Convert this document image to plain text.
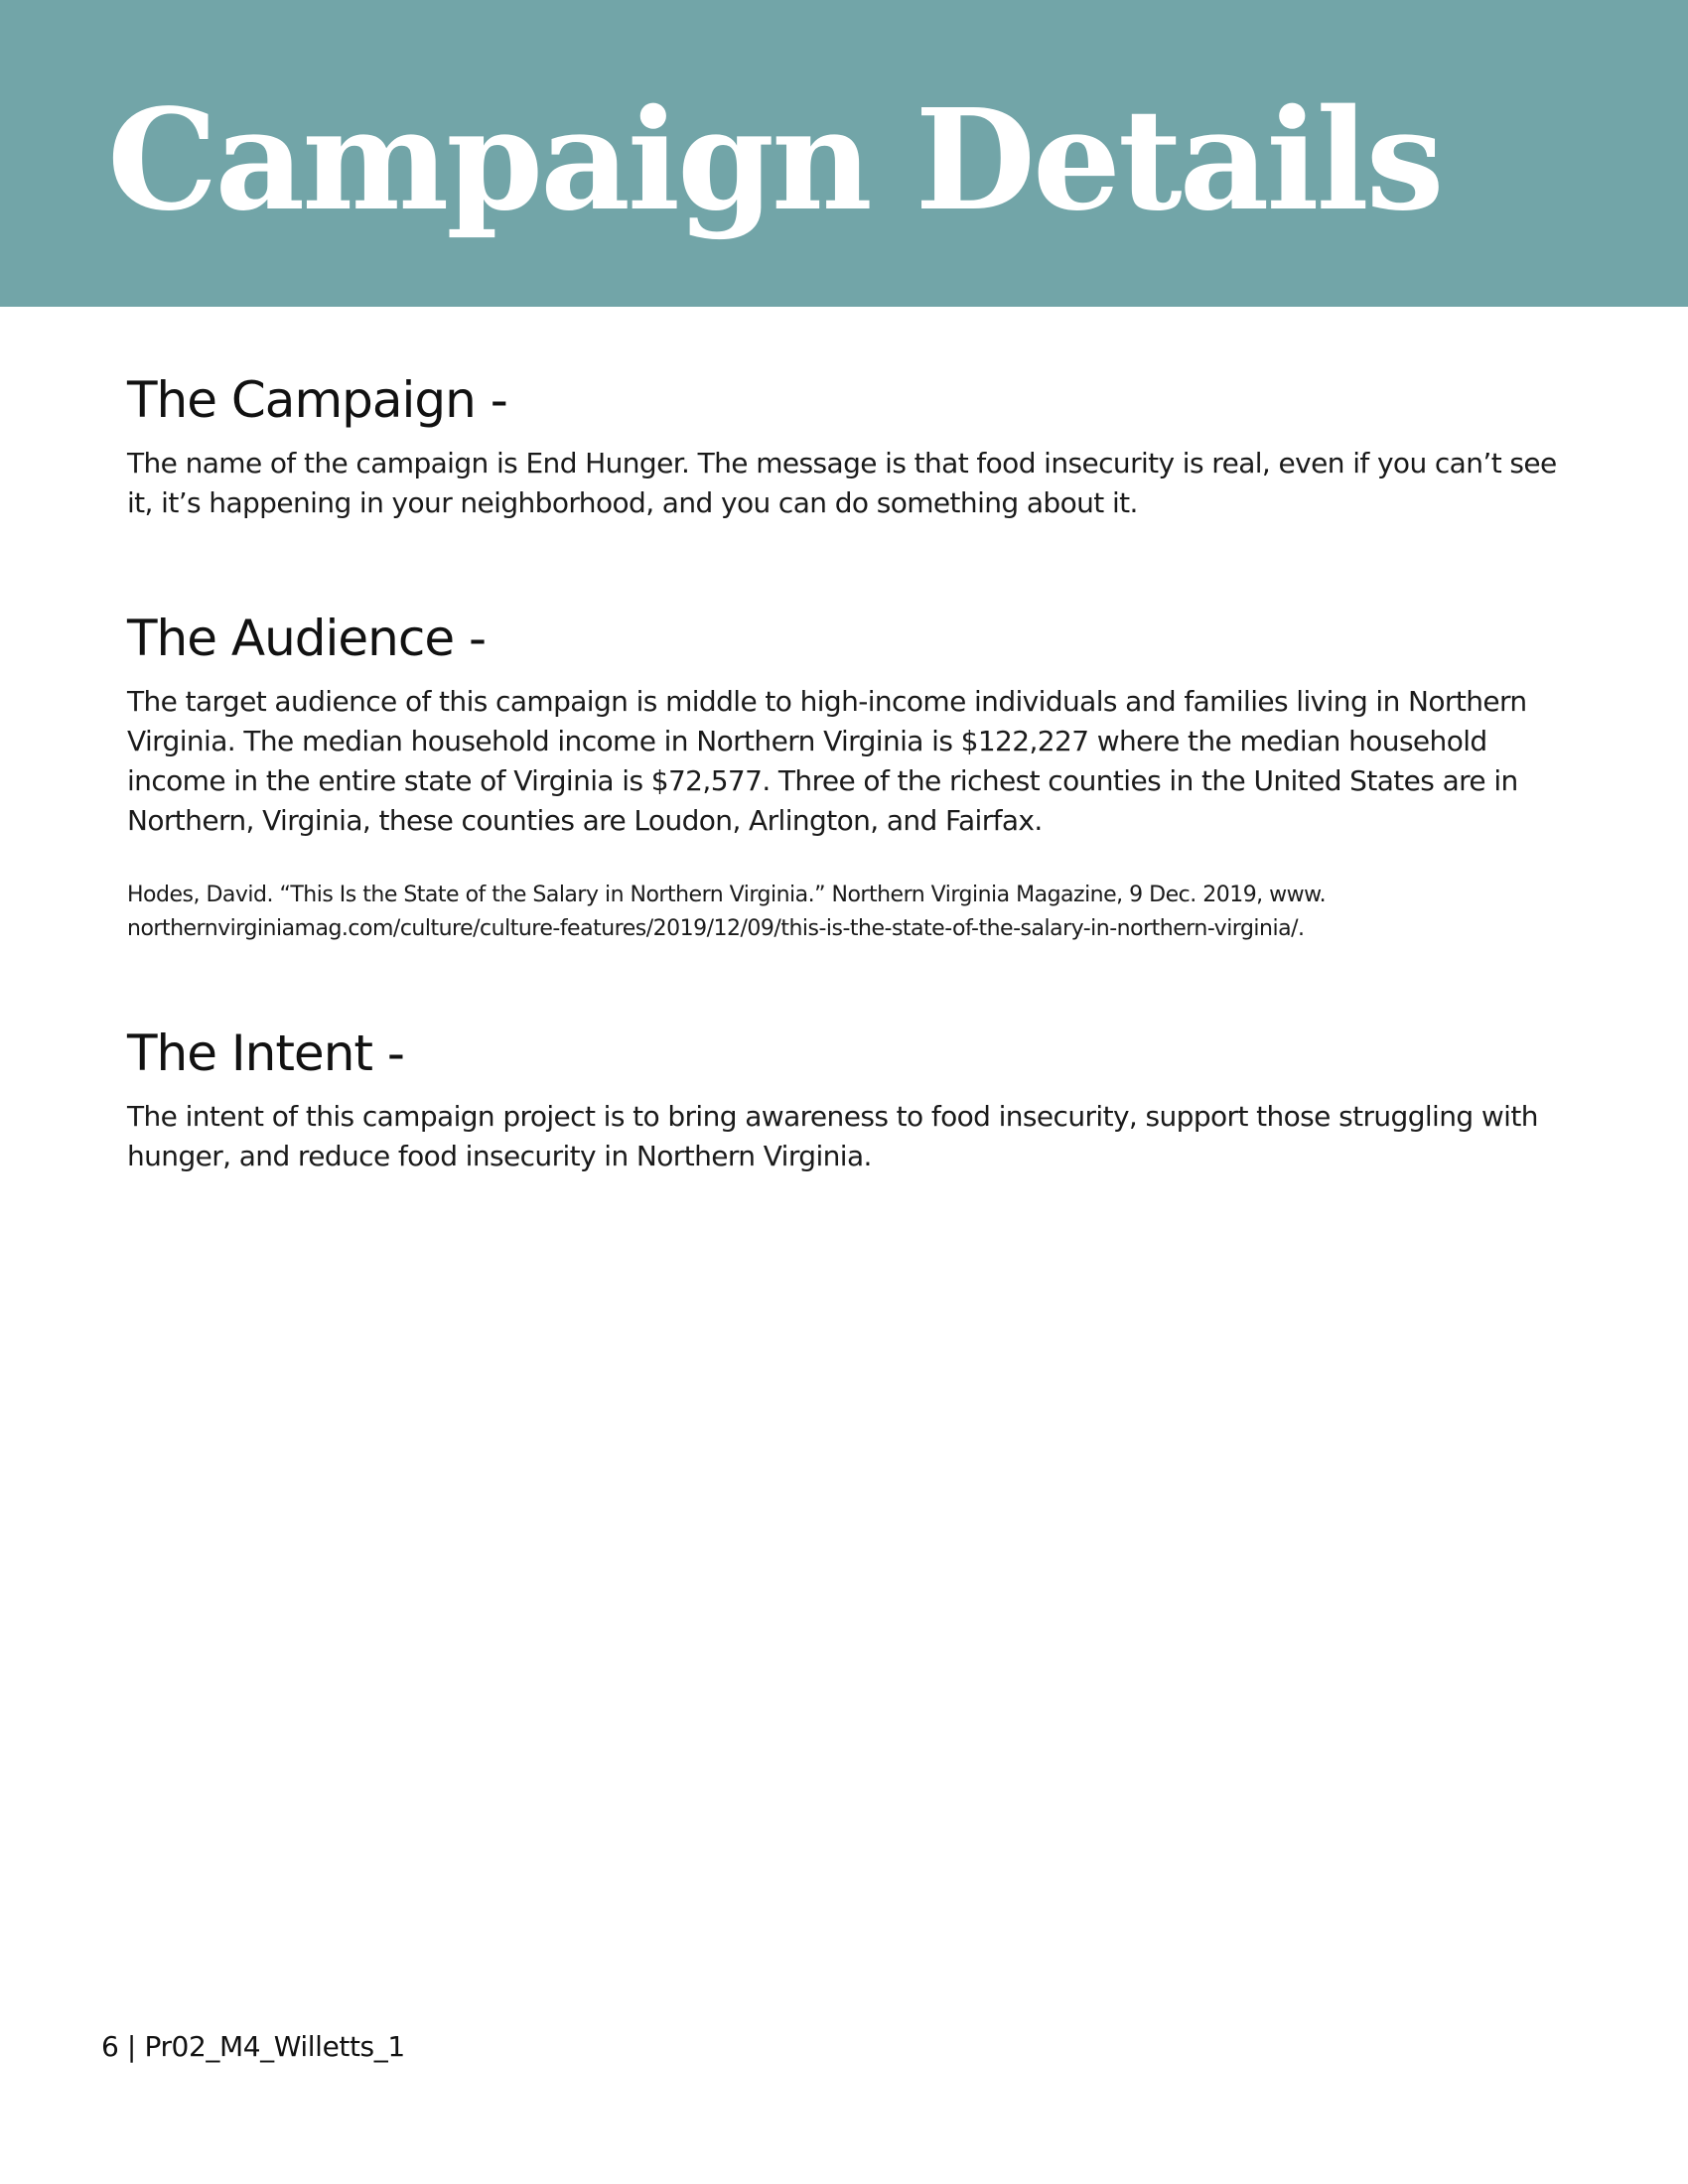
Campaign Details
The Campaign -

The name of the campaign is End Hunger. The message is that food insecurity is real, even if you can’t see it, it’s happening in your neighborhood, and you can do something about it.

The Audience -

The target audience of this campaign is middle to high-income individuals and families living in Northern Virginia. The median household income in Northern Virginia is $122,227 where the median household income in the entire state of Virginia is $72,577. Three of the richest counties in the United States are in Northern, Virginia, these counties are Loudon, Arlington, and Fairfax.

Hodes, David. “This Is the State of the Salary in Northern Virginia.” Northern Virginia Magazine, 9 Dec. 2019, www. northernvirginiamag.com/culture/culture-features/2019/12/09/this-is-the-state-of-the-salary-in-northern-virginia/.

The Intent -

The intent of this campaign project is to bring awareness to food insecurity, support those struggling with hunger, and reduce food insecurity in Northern Virginia.

6 | Pr02_M4_Willetts_1
